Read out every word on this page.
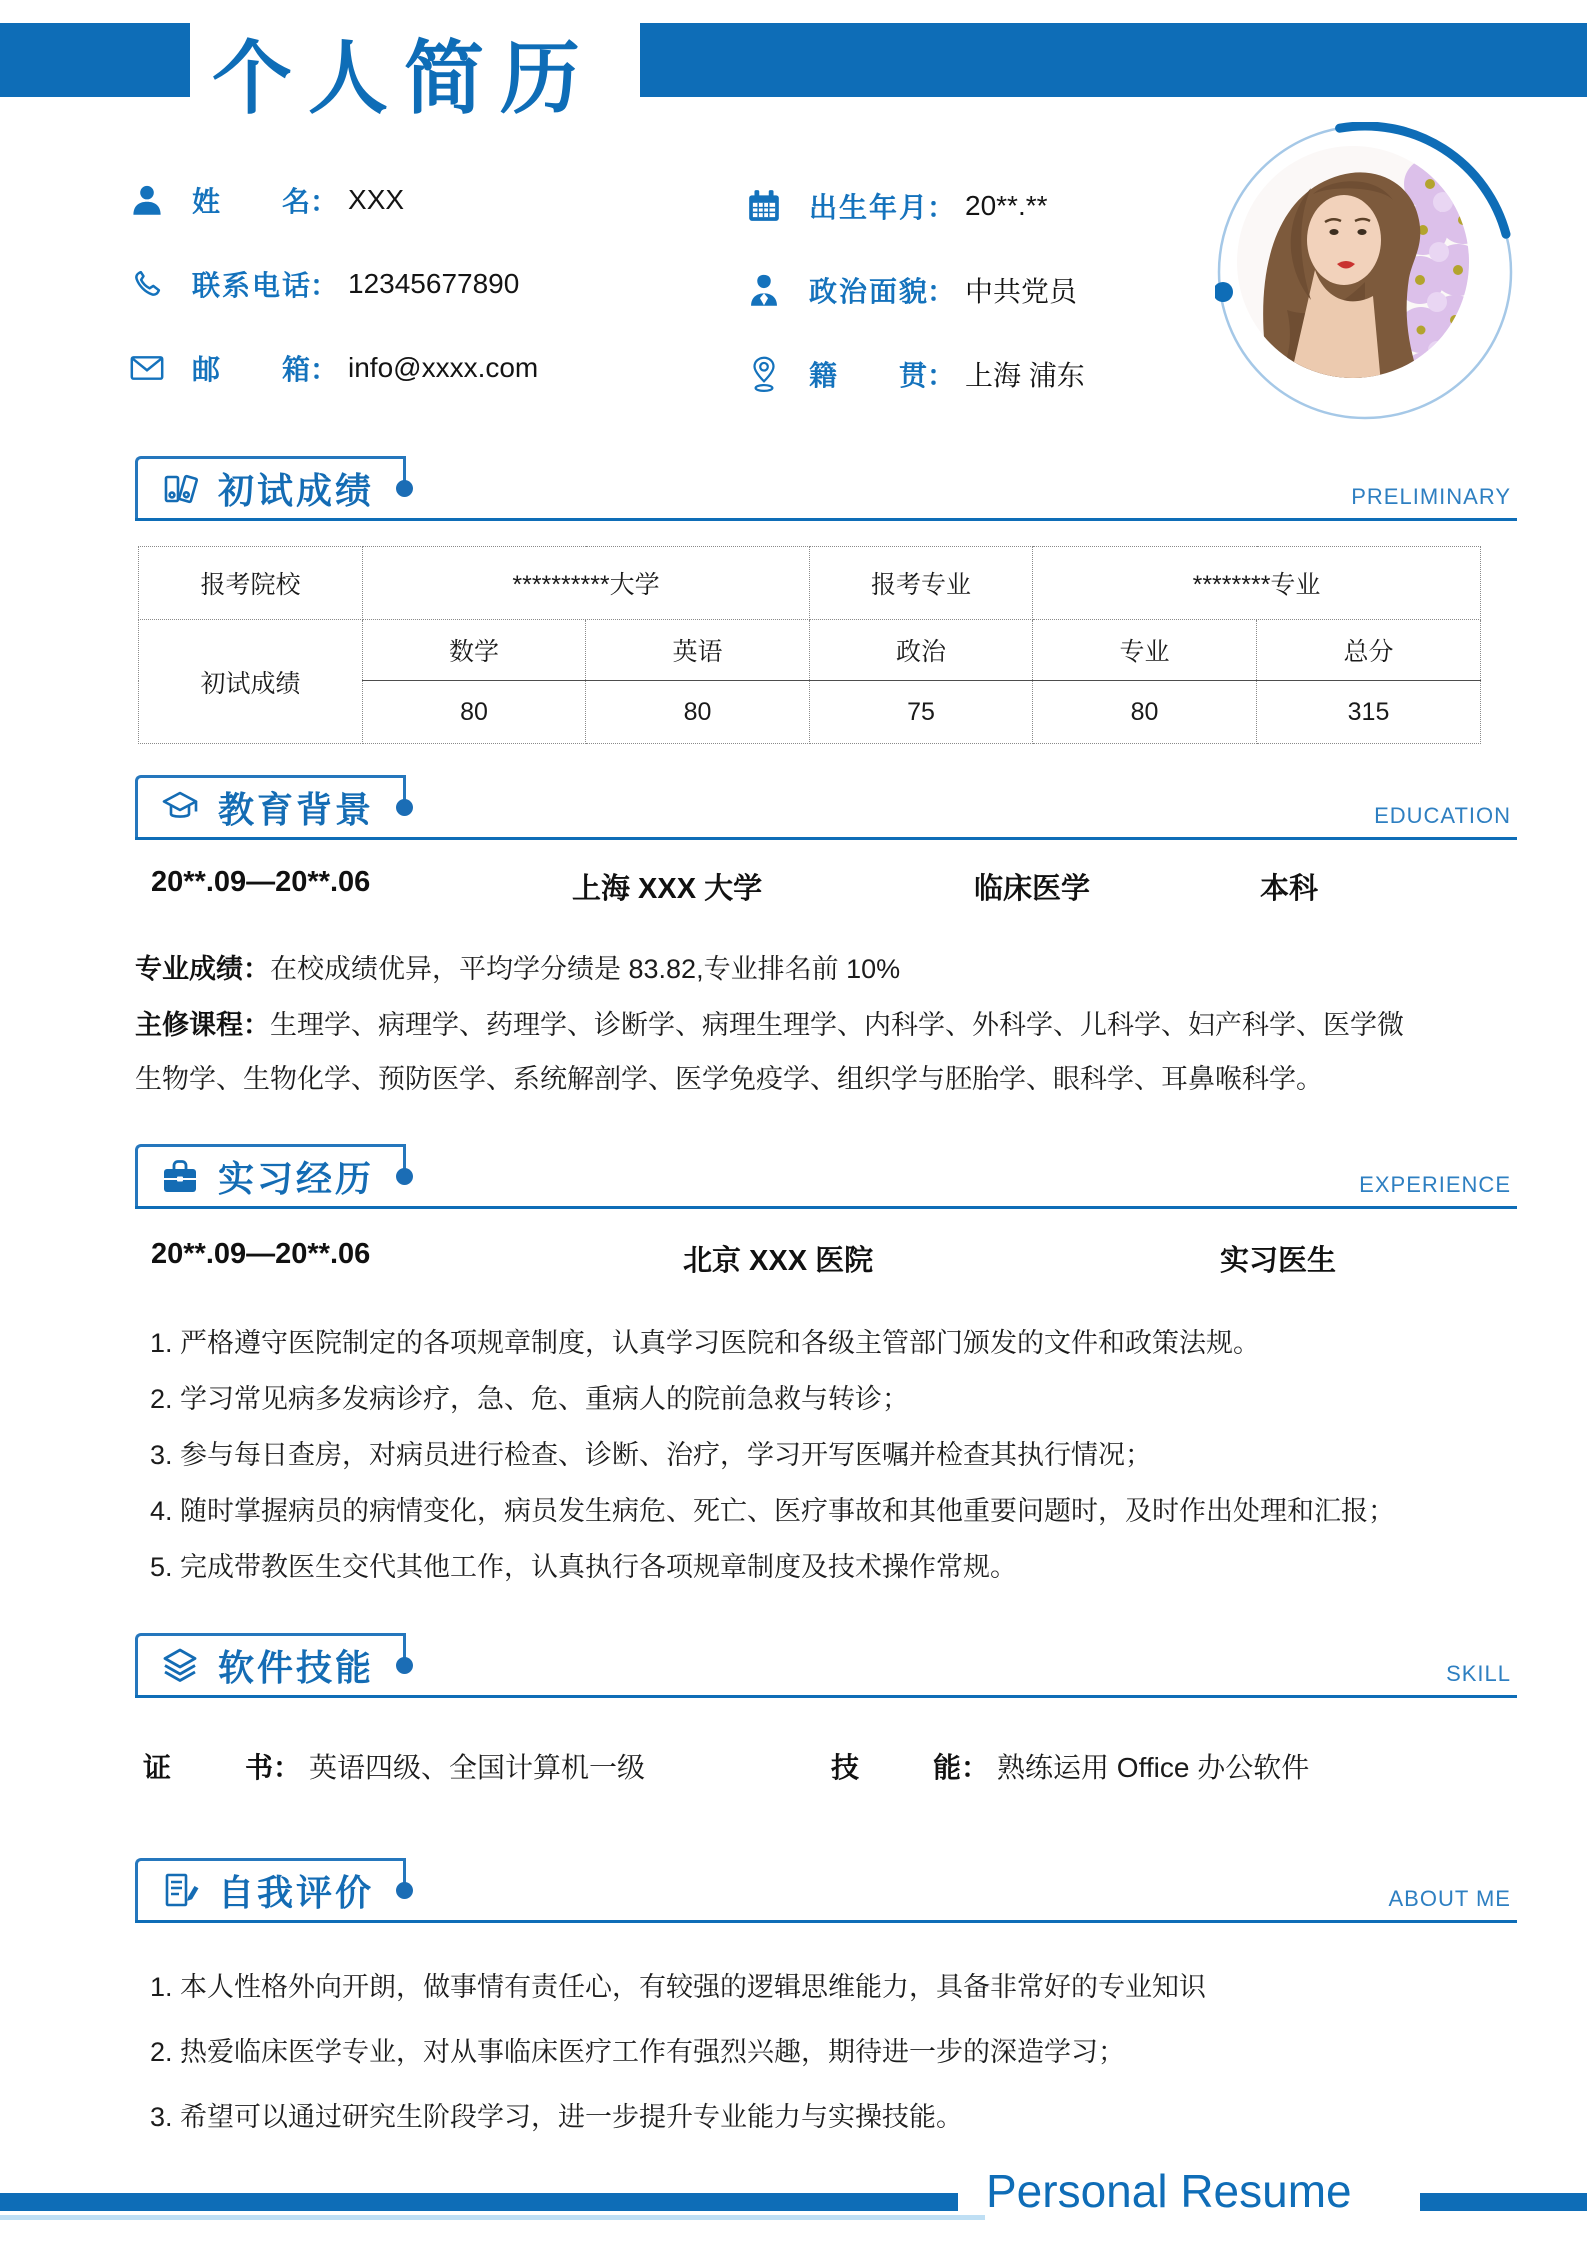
个人简历
姓名 ： XXX
联系电话 ： 12345677890
邮箱 ： info@xxxx.com
出生年月 ： 20**.**
政治面貌 ： 中共党员
籍贯 ： 上海 浦东
初试成绩	PRELIMINARY
报考院校	**********大学		报考专业	********专业	
初试成绩	数学	英语	政治	专业	总分
	80	80	75	80	315
教育背景	EDUCATION
20**.09—20**.06	上海 XXX 大学	临床医学	本科
专业成绩：在校成绩优异，平均学分绩是 83.82,专业排名前 10%
主修课程：生理学、病理学、药理学、诊断学、病理生理学、内科学、外科学、儿科学、妇产科学、医学微生物学、生物化学、预防医学、系统解剖学、医学免疫学、组织学与胚胎学、眼科学、耳鼻喉科学。
实习经历	EXPERIENCE
20**.09—20**.06	北京 XXX 医院	实习医生
1. 严格遵守医院制定的各项规章制度，认真学习医院和各级主管部门颁发的文件和政策法规。
2. 学习常见病多发病诊疗，急、危、重病人的院前急救与转诊；
3. 参与每日查房，对病员进行检查、诊断、治疗，学习开写医嘱并检查其执行情况；
4. 随时掌握病员的病情变化，病员发生病危、死亡、医疗事故和其他重要问题时，及时作出处理和汇报；
5. 完成带教医生交代其他工作，认真执行各项规章制度及技术操作常规。
软件技能	SKILL
证书 ： 英语四级、全国计算机一级	技能 ： 熟练运用 Office 办公软件
自我评价	ABOUT ME
1. 本人性格外向开朗，做事情有责任心，有较强的逻辑思维能力，具备非常好的专业知识
2. 热爱临床医学专业，对从事临床医疗工作有强烈兴趣，期待进一步的深造学习；
3. 希望可以通过研究生阶段学习，进一步提升专业能力与实操技能。
Personal Resume
